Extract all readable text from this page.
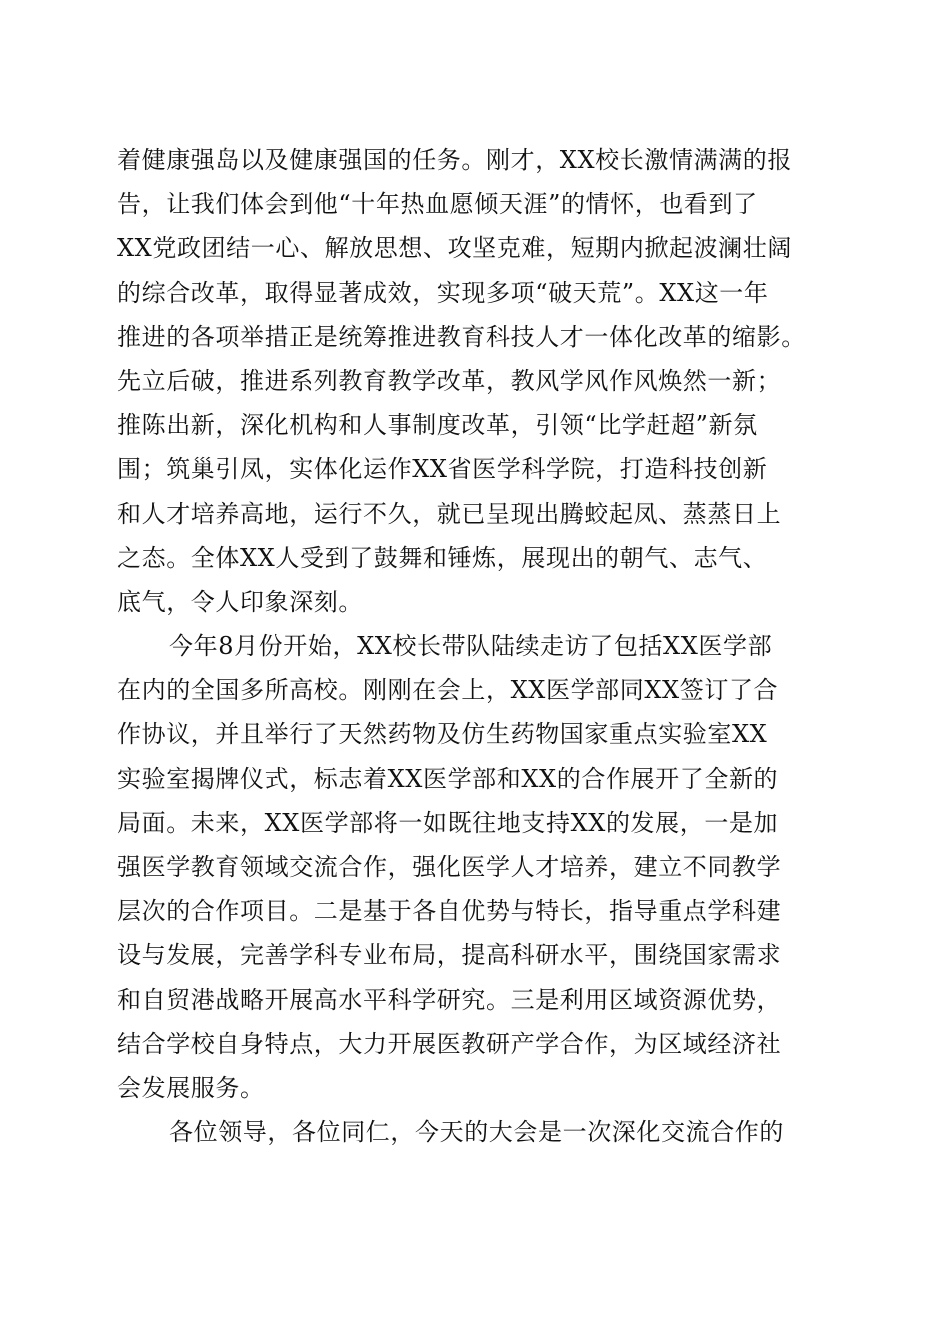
着健康强岛以及健康强国的任务。刚才，XX校长激情满满的报
告，让我们体会到他“十年热血愿倾天涯”的情怀，也看到了
XX党政团结一心、解放思想、攻坚克难，短期内掀起波澜壮阔
的综合改革，取得显著成效，实现多项“破天荒”。XX这一年
推进的各项举措正是统筹推进教育科技人才一体化改革的缩影。
先立后破，推进系列教育教学改革，教风学风作风焕然一新；
推陈出新，深化机构和人事制度改革，引领“比学赶超”新氛
围；筑巢引凤，实体化运作XX省医学科学院，打造科技创新
和人才培养高地，运行不久，就已呈现出腾蛟起凤、蒸蒸日上
之态。全体XX人受到了鼓舞和锤炼，展现出的朝气、志气、
底气，令人印象深刻。
今年8月份开始，XX校长带队陆续走访了包括XX医学部
在内的全国多所高校。刚刚在会上，XX医学部同XX签订了合
作协议，并且举行了天然药物及仿生药物国家重点实验室XX
实验室揭牌仪式，标志着XX医学部和XX的合作展开了全新的
局面。未来，XX医学部将一如既往地支持XX的发展，一是加
强医学教育领域交流合作，强化医学人才培养，建立不同教学
层次的合作项目。二是基于各自优势与特长，指导重点学科建
设与发展，完善学科专业布局，提高科研水平，围绕国家需求
和自贸港战略开展高水平科学研究。三是利用区域资源优势，
结合学校自身特点，大力开展医教研产学合作，为区域经济社
会发展服务。
各位领导，各位同仁，今天的大会是一次深化交流合作的
